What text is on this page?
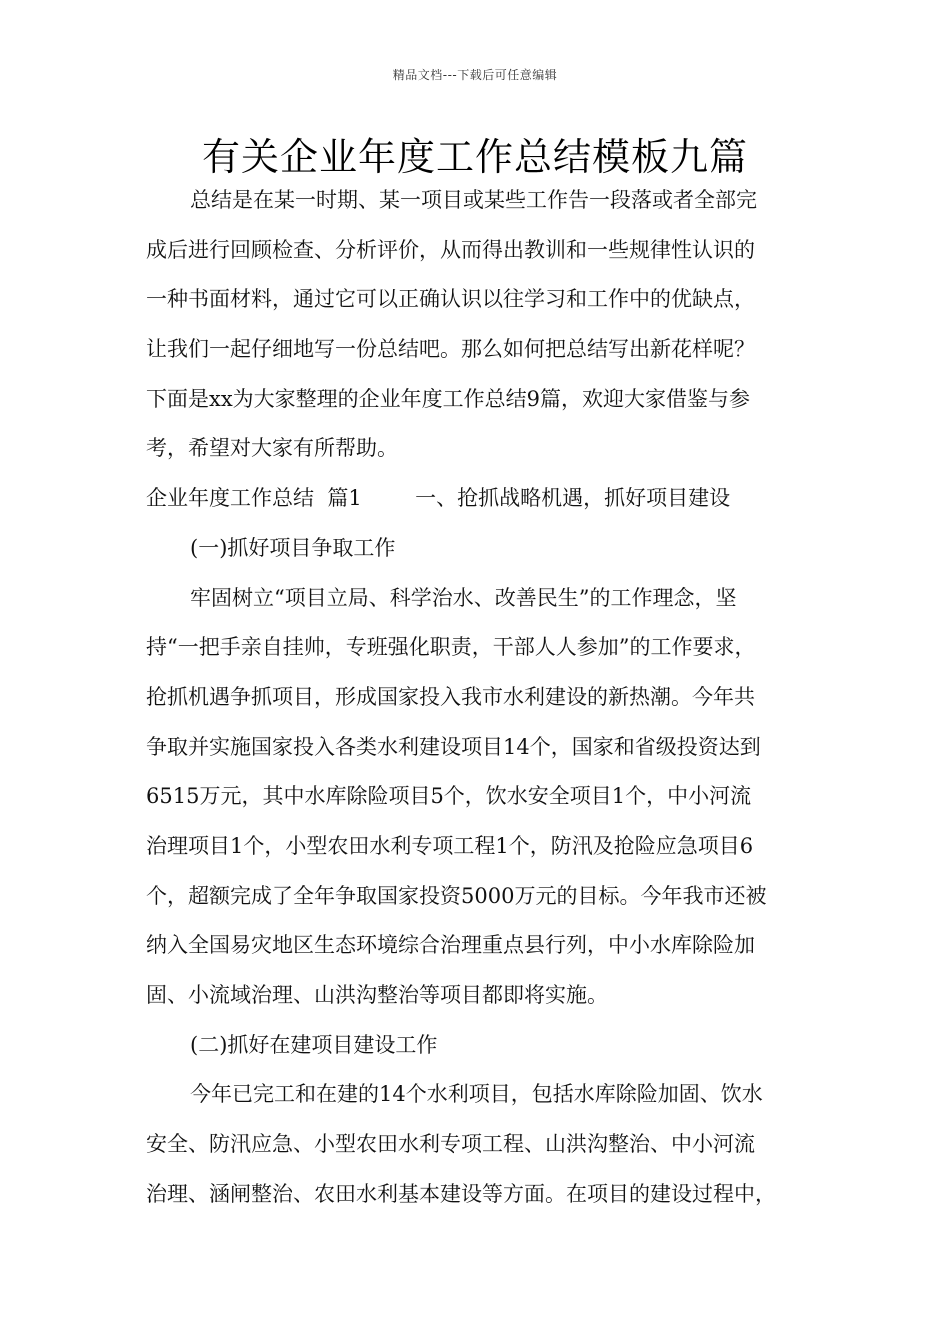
精品文档---下载后可任意编辑
有关企业年度工作总结模板九篇
总结是在某一时期、某一项目或某些工作告一段落或者全部完
成后进行回顾检查、分析评价，从而得出教训和一些规律性认识的
一种书面材料，通过它可以正确认识以往学习和工作中的优缺点，
让我们一起仔细地写一份总结吧。那么如何把总结写出新花样呢？
下面是xx为大家整理的企业年度工作总结9篇，欢迎大家借鉴与参
考，希望对大家有所帮助。
企业年度工作总结  篇1        一、抢抓战略机遇，抓好项目建设
(一)抓好项目争取工作
牢固树立“项目立局、科学治水、改善民生”的工作理念，坚
持“一把手亲自挂帅，专班强化职责，干部人人参加”的工作要求，
抢抓机遇争抓项目，形成国家投入我市水利建设的新热潮。今年共
争取并实施国家投入各类水利建设项目14个，国家和省级投资达到
6515万元，其中水库除险项目5个，饮水安全项目1个，中小河流
治理项目1个，小型农田水利专项工程1个，防汛及抢险应急项目6
个，超额完成了全年争取国家投资5000万元的目标。今年我市还被
纳入全国易灾地区生态环境综合治理重点县行列，中小水库除险加
固、小流域治理、山洪沟整治等项目都即将实施。
(二)抓好在建项目建设工作
今年已完工和在建的14个水利项目，包括水库除险加固、饮水
安全、防汛应急、小型农田水利专项工程、山洪沟整治、中小河流
治理、涵闸整治、农田水利基本建设等方面。在项目的建设过程中，
